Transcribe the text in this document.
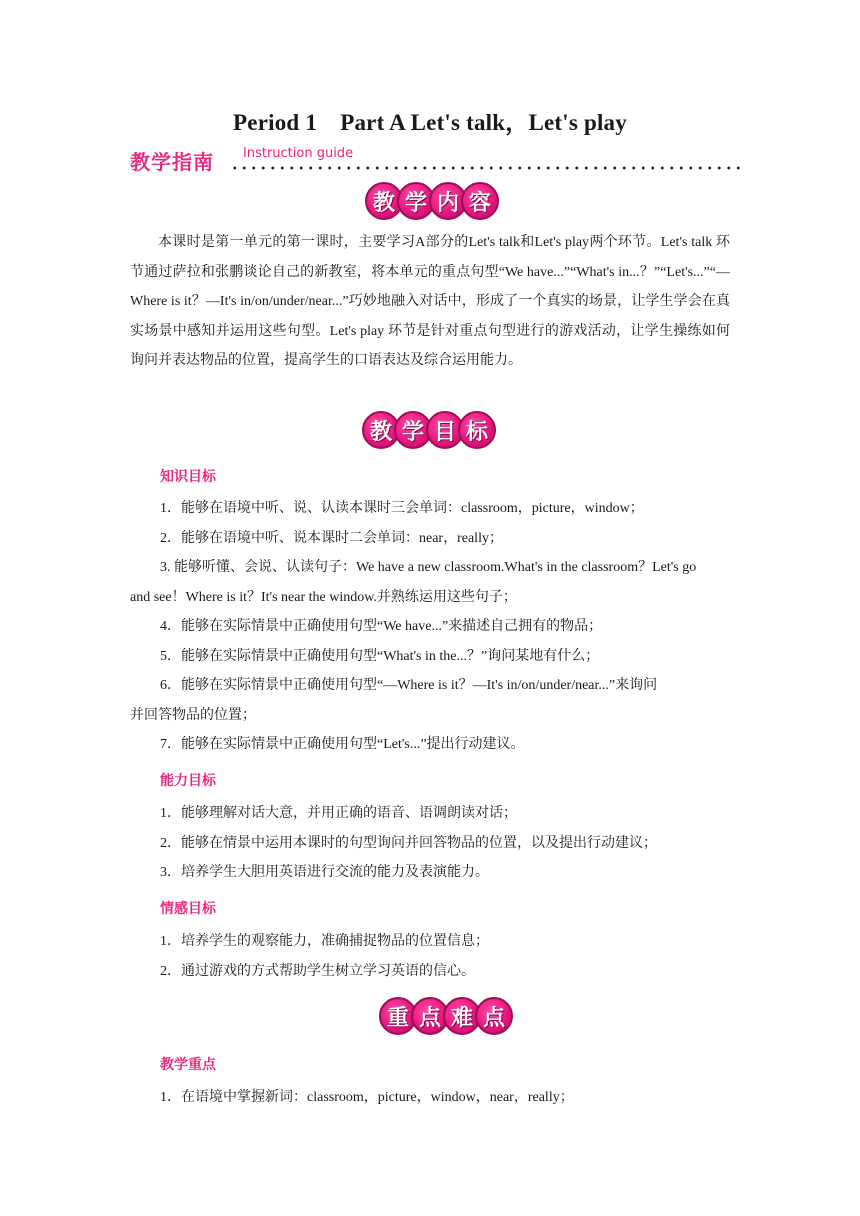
Period 1　Part A Let's talk，Let's play
教学指南 Instruction guide
教 学 内 容
本课时是第一单元的第一课时，主要学习A部分的Let's talk和Let's play两个环节。Let's talk 环节通过萨拉和张鹏谈论自己的新教室，将本单元的重点句型“We have...”“What's in...？”“Let's...”“—Where is it？—It's in/on/under/near...”巧妙地融入对话中，形成了一个真实的场景，让学生学会在真实场景中感知并运用这些句型。Let's play 环节是针对重点句型进行的游戏活动，让学生操练如何询问并表达物品的位置，提高学生的口语表达及综合运用能力。
教 学 目 标
知识目标
1．能够在语境中听、说、认读本课时三会单词：classroom，picture，window；
2．能够在语境中听、说本课时二会单词：near，really；
3. 能够听懂、会说、认读句子：We have a new classroom.What's in the classroom？Let's go
and see！Where is it？It's near the window.并熟练运用这些句子；
4．能够在实际情景中正确使用句型“We have...”来描述自己拥有的物品；
5．能够在实际情景中正确使用句型“What's in the...？”询问某地有什么；
6．能够在实际情景中正确使用句型“—Where is it？—It's in/on/under/near...”来询问
并回答物品的位置；
7．能够在实际情景中正确使用句型“Let's...”提出行动建议。
能力目标
1．能够理解对话大意，并用正确的语音、语调朗读对话；
2．能够在情景中运用本课时的句型询问并回答物品的位置，以及提出行动建议；
3．培养学生大胆用英语进行交流的能力及表演能力。
情感目标
1．培养学生的观察能力，准确捕捉物品的位置信息；
2．通过游戏的方式帮助学生树立学习英语的信心。
重 点 难 点
教学重点
1．在语境中掌握新词：classroom，picture，window，near，really；
